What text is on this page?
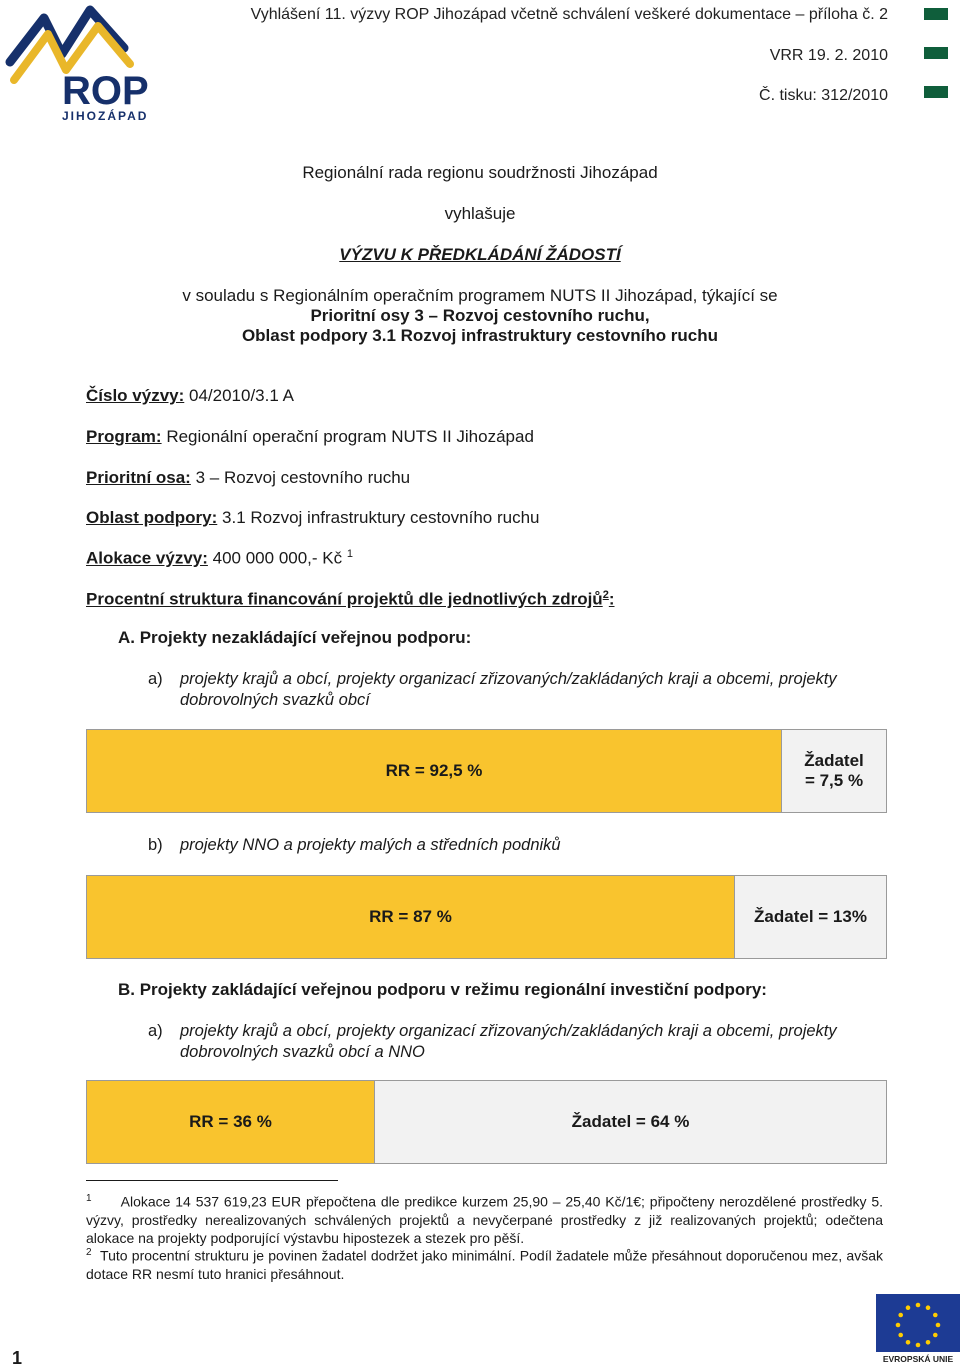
ROP
JIHOZÁPAD
Vyhlášení 11. výzvy ROP Jihozápad včetně schválení veškeré dokumentace – příloha č. 2
VRR 19. 2. 2010
Č. tisku: 312/2010
Regionální rada regionu soudržnosti Jihozápad
vyhlašuje
VÝZVU K PŘEDKLÁDÁNÍ ŽÁDOSTÍ
v souladu s Regionálním operačním programem NUTS II Jihozápad, týkající se
Prioritní osy 3 – Rozvoj cestovního ruchu,
Oblast podpory 3.1 Rozvoj infrastruktury cestovního ruchu
Číslo výzvy: 04/2010/3.1 A
Program: Regionální operační program NUTS II Jihozápad
Prioritní osa: 3 – Rozvoj cestovního ruchu
Oblast podpory: 3.1 Rozvoj infrastruktury cestovního ruchu
Alokace výzvy: 400 000 000,- Kč $^1$
Procentní struktura financování projektů dle jednotlivých zdrojů$^2$:
A. Projekty nezakládající veřejnou podporu:
a) projekty krajů a obcí, projekty organizací zřizovaných/zakládaných kraji a obcemi, projekty dobrovolných svazků obcí
RR = 92,5 %
Žadatel
= 7,5 %
b) projekty NNO a projekty malých a středních podniků
RR = 87 %	Žadatel = 13%
B. Projekty zakládající veřejnou podporu v režimu regionální investiční podpory:
a) projekty krajů a obcí, projekty organizací zřizovaných/zakládaných kraji a obcemi, projekty dobrovolných svazků obcí a NNO
RR = 36 %	Žadatel = 64 %
$^1$ Alokace 14 537 619,23 EUR přepočtena dle predikce kurzem 25,90 – 25,40 Kč/1€; připočteny nerozdělené prostředky 5. výzvy, prostředky nerealizovaných schválených projektů a nevyčerpané prostředky z již realizovaných projektů; odečtena alokace na projekty podporující výstavbu hipostezek a stezek pro pěší.
$^2$ Tuto procentní strukturu je povinen žadatel dodržet jako minimální. Podíl žadatele může přesáhnout doporučenou mez, avšak dotace RR nesmí tuto hranici přesáhnout.
EVROPSKÁ UNIE
1
